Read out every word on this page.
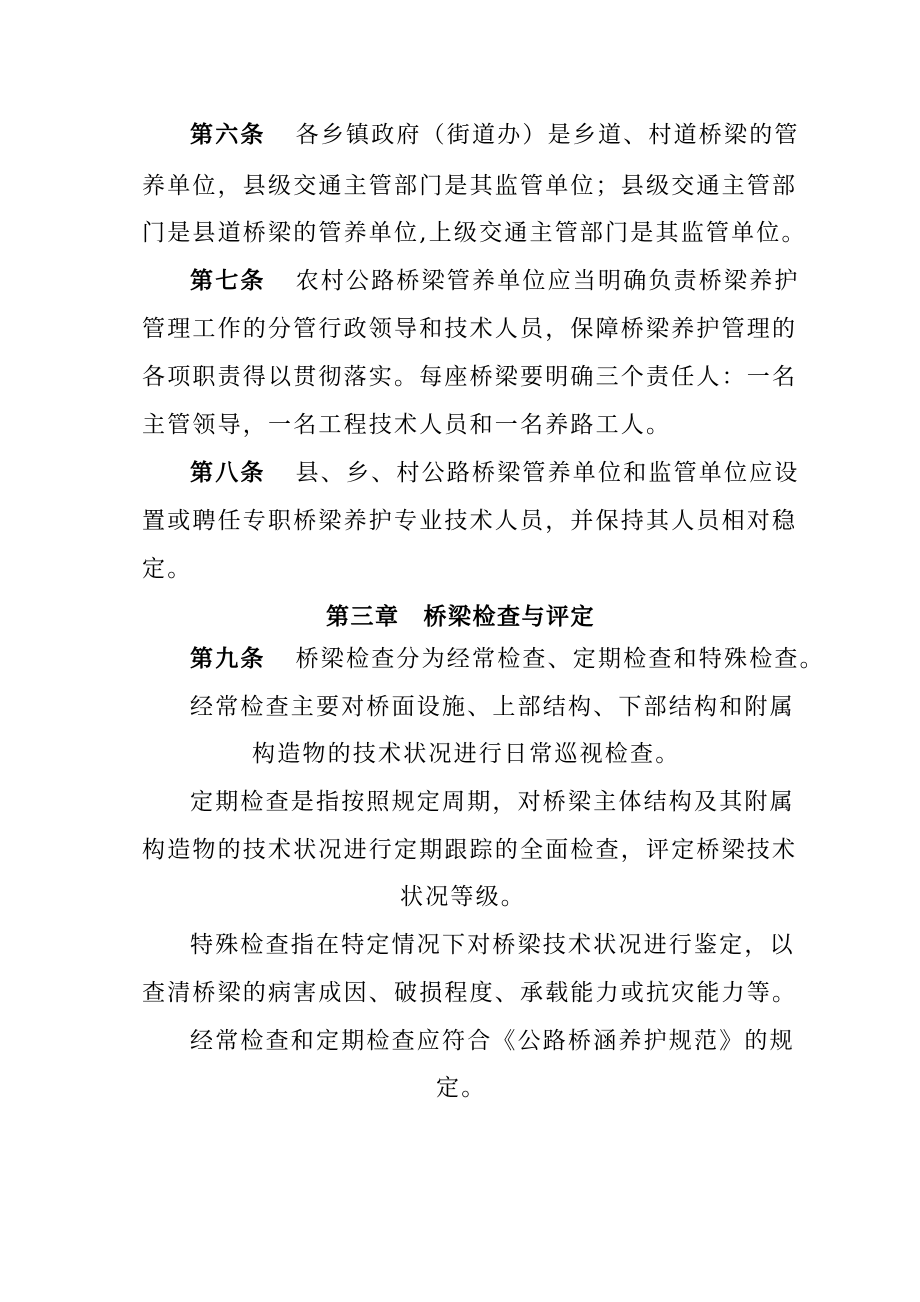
第六条 各乡镇政府（街道办）是乡道、村道桥梁的管
养单位，县级交通主管部门是其监管单位；县级交通主管部
门是县道桥梁的管养单位,上级交通主管部门是其监管单位。
第七条 农村公路桥梁管养单位应当明确负责桥梁养护
管理工作的分管行政领导和技术人员，保障桥梁养护管理的
各项职责得以贯彻落实。每座桥梁要明确三个责任人：一名
主管领导，一名工程技术人员和一名养路工人。
第八条 县、乡、村公路桥梁管养单位和监管单位应设
置或聘任专职桥梁养护专业技术人员，并保持其人员相对稳
定。
第三章 桥梁检查与评定
第九条 桥梁检查分为经常检查、定期检查和特殊检查。
经常检查主要对桥面设施、上部结构、下部结构和附属
构造物的技术状况进行日常巡视检查。
定期检查是指按照规定周期，对桥梁主体结构及其附属
构造物的技术状况进行定期跟踪的全面检查，评定桥梁技术
状况等级。
特殊检查指在特定情况下对桥梁技术状况进行鉴定，以
查清桥梁的病害成因、破损程度、承载能力或抗灾能力等。
经常检查和定期检查应符合《公路桥涵养护规范》的规
定。
